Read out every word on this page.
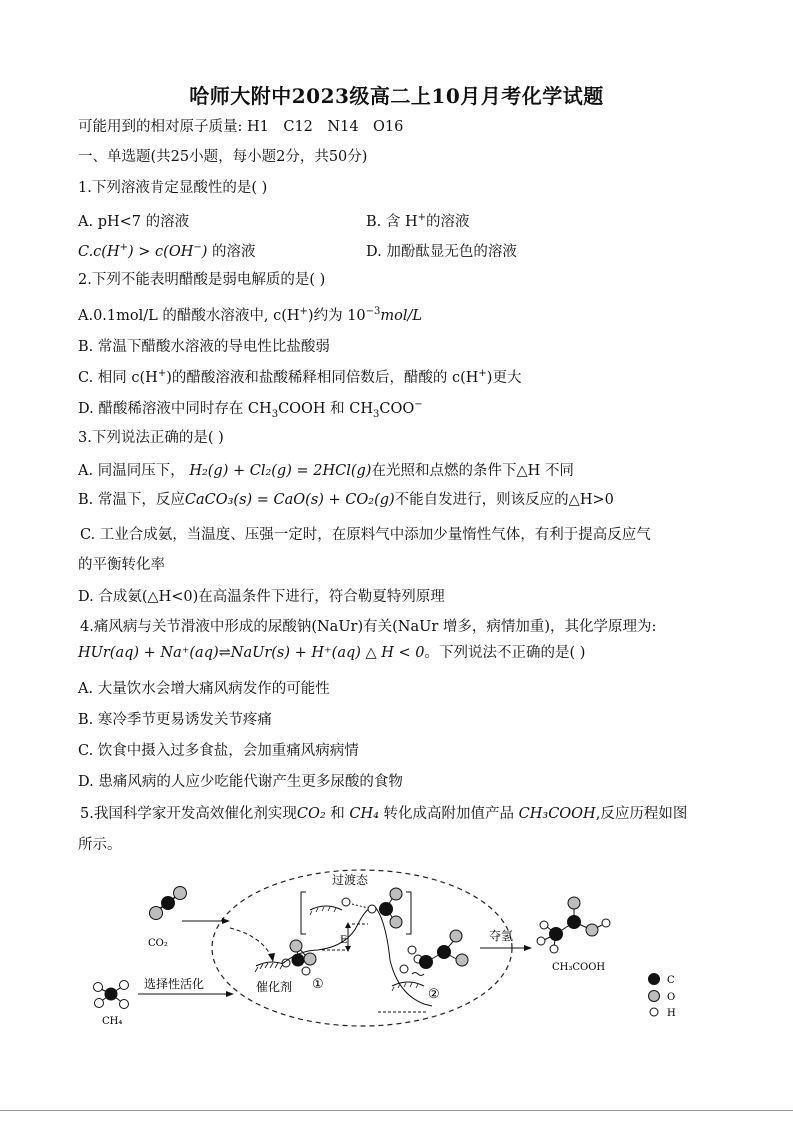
哈师大附中2023级高二上10月月考化学试题
可能用到的相对原子质量: H1　C12　N14　O16
一、单选题(共25小题，每小题2分，共50分)
1.下列溶液肯定显酸性的是( )
A. pH<7 的溶液	B. 含 H+的溶液
C.c(H+) > c(OH−) 的溶液	D. 加酚酞显无色的溶液
2.下列不能表明醋酸是弱电解质的是( )
A.0.1mol/L 的醋酸水溶液中, c(H+)约为 $10^{-3}mol/L$
B. 常温下醋酸水溶液的导电性比盐酸弱
C. 相同 c(H+)的醋酸溶液和盐酸稀释相同倍数后，醋酸的 c(H+)更大
D. 醋酸稀溶液中同时存在 $CH_3COOH$ 和 $CH_3COO^-$
3.下列说法正确的是( )
A. 同温同压下， H₂(g) + Cl₂(g) = 2HCl(g)在光照和点燃的条件下△H 不同
B. 常温下，反应CaCO₃(s) = CaO(s) + CO₂(g)不能自发进行，则该反应的△H>0
C. 工业合成氨，当温度、压强一定时，在原料气中添加少量惰性气体，有利于提高反应气
的平衡转化率
D. 合成氨(△H<0)在高温条件下进行，符合勒夏特列原理
4.痛风病与关节滑液中形成的尿酸钠(NaUr)有关(NaUr 增多，病情加重)，其化学原理为:
HUr(aq) + Na⁺(aq)⇌NaUr(s) + H⁺(aq) △ H < 0。下列说法不正确的是( )
A. 大量饮水会增大痛风病发作的可能性
B. 寒冷季节更易诱发关节疼痛
C. 饮食中摄入过多食盐，会加重痛风病病情
D. 患痛风病的人应少吃能代谢产生更多尿酸的食物
5.我国科学家开发高效催化剂实现CO₂ 和 CH₄ 转化成高附加值产品 CH₃COOH,反应历程如图
所示。
CO₂
CH₄
选择性活化	催化剂 ①
E
过渡态
②
夺氢
CH₃COOH
C
O
H
